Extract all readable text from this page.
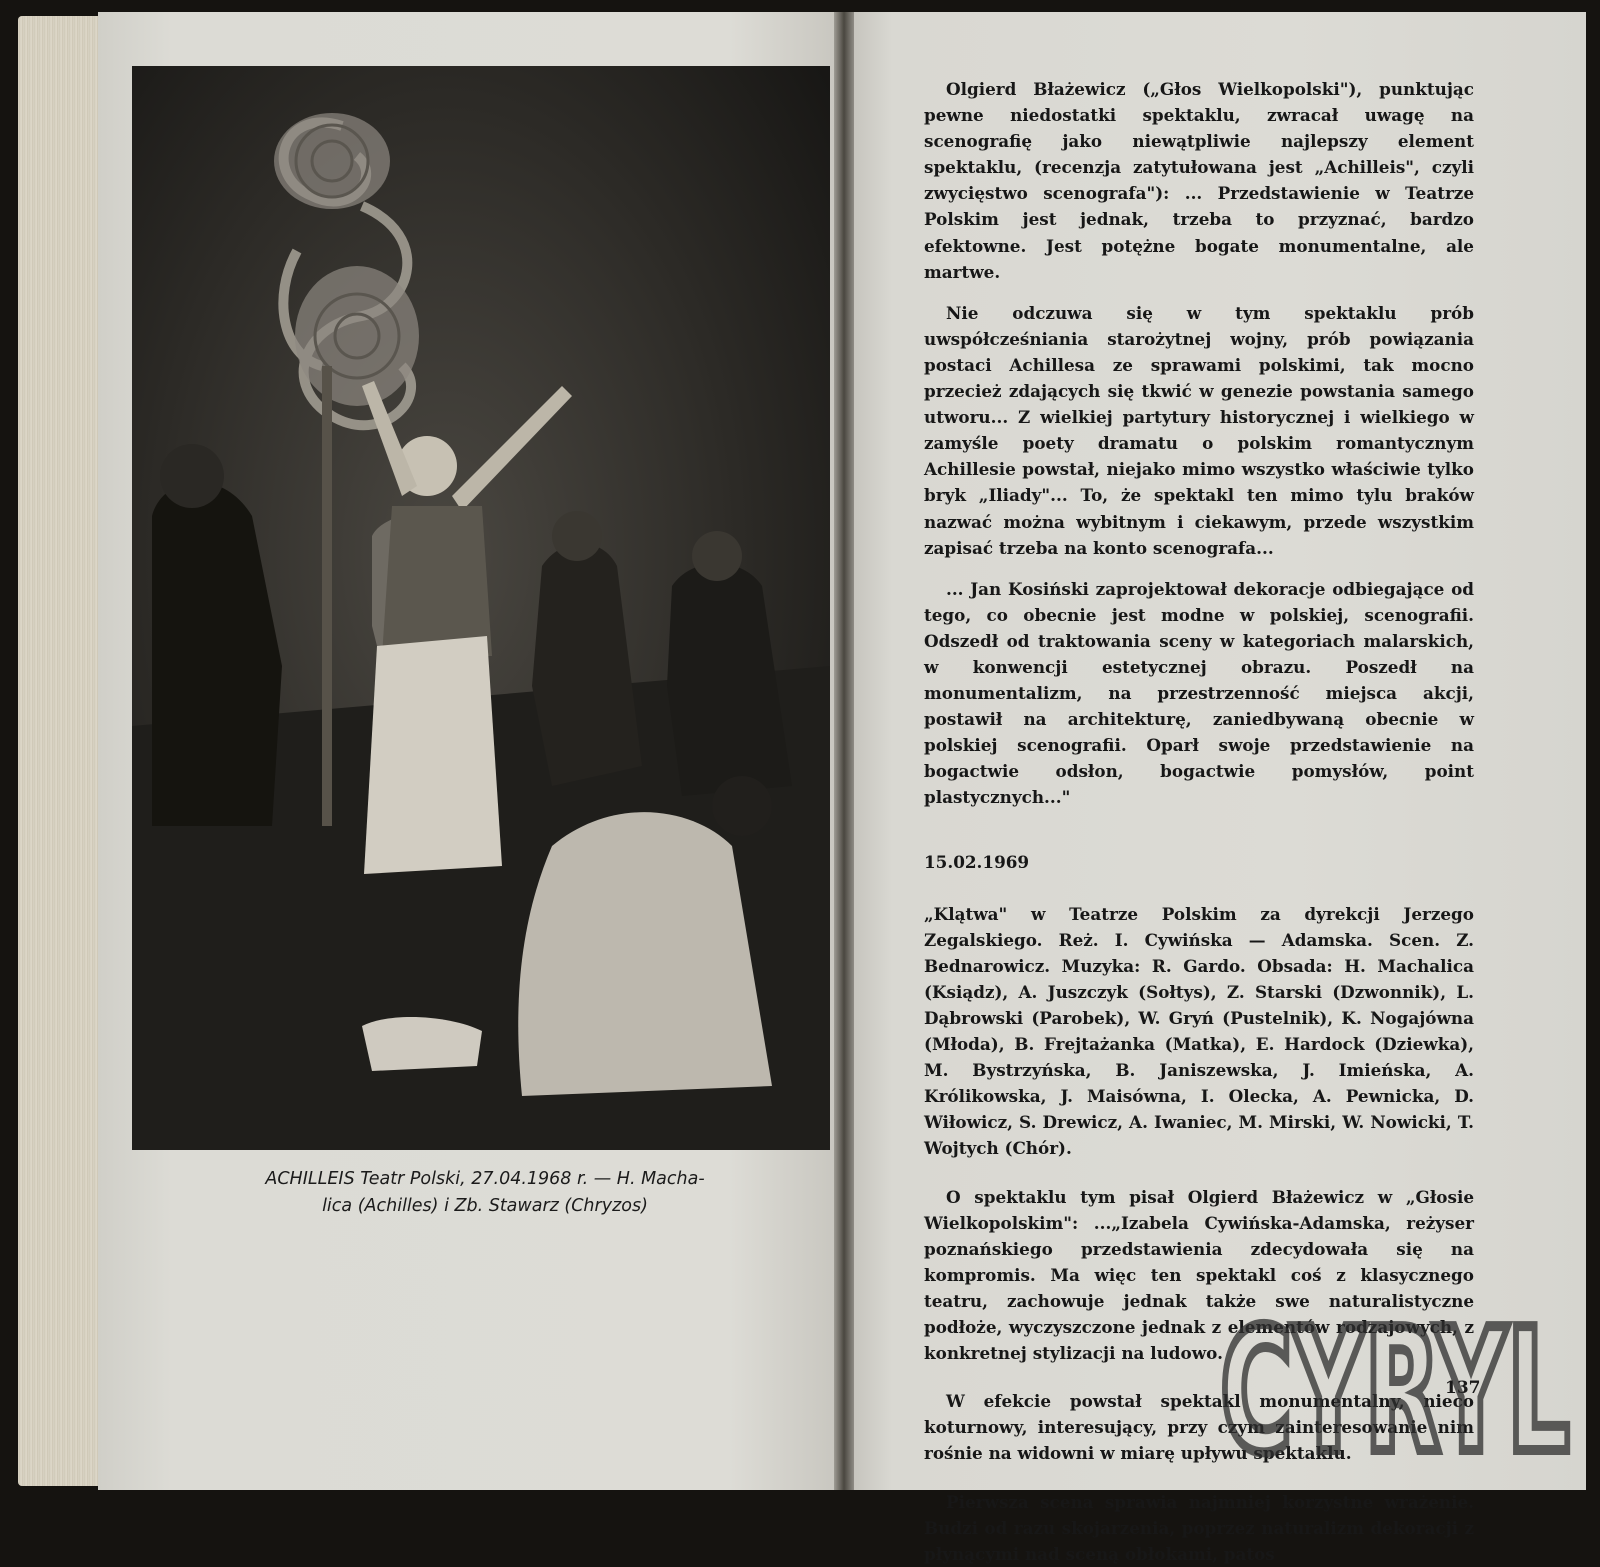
ACHILLEIS Teatr Polski, 27.04.1968 r. — H. Macha-
lica (Achilles) i Zb. Stawarz (Chryzos)

Olgierd Błażewicz („Głos Wielkopolski"), punktując pewne niedostatki spektaklu, zwracał uwagę na scenografię jako niewątpliwie najlepszy element spektaklu, (recenzja zatytułowana jest „Achilleis", czyli zwycięstwo scenografa"): ... Przedstawienie w Teatrze Polskim jest jednak, trzeba to przyznać, bardzo efektowne. Jest potężne bogate monumentalne, ale martwe.

Nie odczuwa się w tym spektaklu prób uwspółcześniania starożytnej wojny, prób powiązania postaci Achillesa ze sprawami polskimi, tak mocno przecież zdających się tkwić w genezie powstania samego utworu... Z wielkiej partytury historycznej i wielkiego w zamyśle poety dramatu o polskim romantycznym Achillesie powstał, niejako mimo wszystko właściwie tylko bryk „Iliady"... To, że spektakl ten mimo tylu braków nazwać można wybitnym i ciekawym, przede wszystkim zapisać trzeba na konto scenografa...

... Jan Kosiński zaprojektował dekoracje odbiegające od tego, co obecnie jest modne w polskiej, scenografii. Odszedł od traktowania sceny w kategoriach malarskich, w konwencji estetycznej obrazu. Poszedł na monumentalizm, na przestrzenność miejsca akcji, postawił na architekturę, zaniedbywaną obecnie w polskiej scenografii. Oparł swoje przedstawienie na bogactwie odsłon, bogactwie pomysłów, point plastycznych..."

15.02.1969

„Klątwa" w Teatrze Polskim za dyrekcji Jerzego Zegalskiego. Reż. I. Cywińska — Adamska. Scen. Z. Bednarowicz. Muzyka: R. Gardo. Obsada: H. Machalica (Ksiądz), A. Juszczyk (Sołtys), Z. Starski (Dzwonnik), L. Dąbrowski (Parobek), W. Gryń (Pustelnik), K. Nogajówna (Młoda), B. Frejtażanka (Matka), E. Hardock (Dziewka), M. Bystrzyńska, B. Janiszewska, J. Imieńska, A. Królikowska, J. Maisówna, I. Olecka, A. Pewnicka, D. Wiłowicz, S. Drewicz, A. Iwaniec, M. Mirski, W. Nowicki, T. Wojtych (Chór).

O spektaklu tym pisał Olgierd Błażewicz w „Głosie Wielkopolskim": ...„Izabela Cywińska-Adamska, reżyser poznańskiego przedstawienia zdecydowała się na kompromis. Ma więc ten spektakl coś z klasycznego teatru, zachowuje jednak także swe naturalistyczne podłoże, wyczyszczone jednak z elementów rodzajowych, z konkretnej stylizacji na ludowo.

W efekcie powstał spektakl monumentalny, nieco koturnowy, interesujący, przy czym zainteresowanie nim rośnie na widowni w miarę upływu spektaklu.

Pierwsza scena sprawia najmniej korzystne wrażenie. Budzi od razu skojarzenia, poprzez naturalizm dekoracji z płynącymi nad sceną obłokami, patos

137
CYRYL
